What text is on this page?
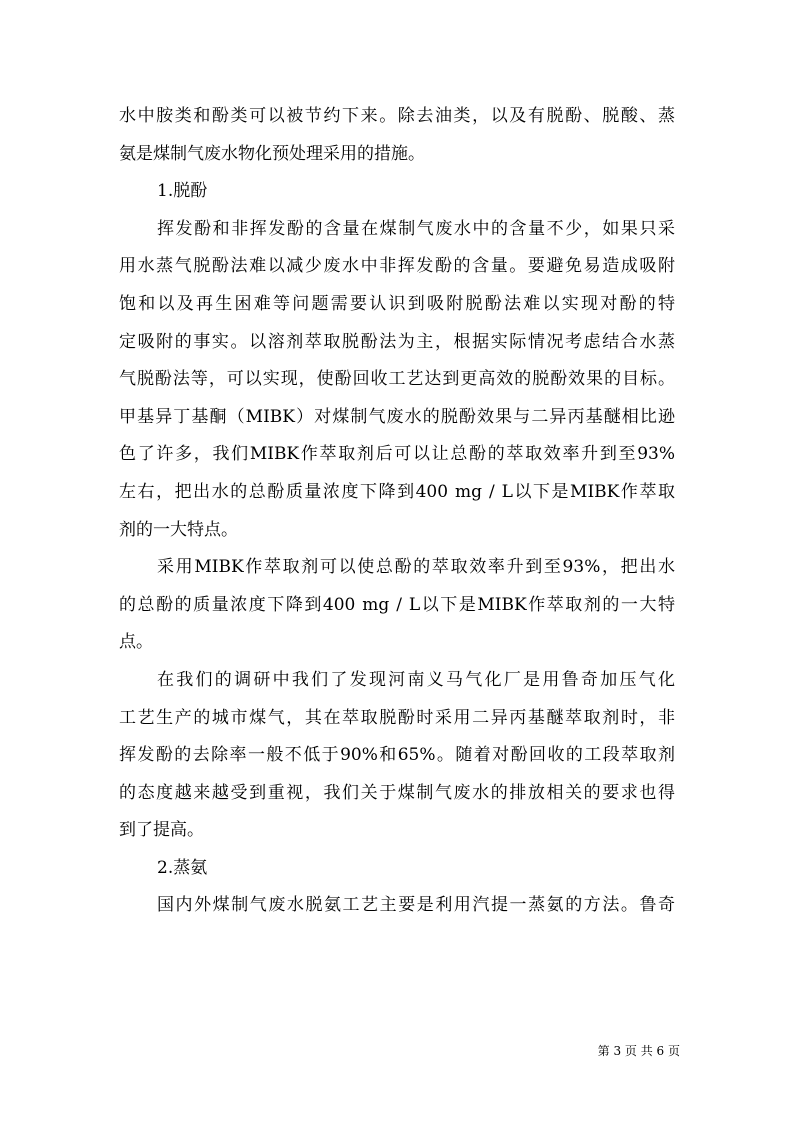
水中胺类和酚类可以被节约下来。除去油类，以及有脱酚、脱酸、蒸
氨是煤制气废水物化预处理采用的措施。
1.脱酚
挥发酚和非挥发酚的含量在煤制气废水中的含量不少，如果只采
用水蒸气脱酚法难以减少废水中非挥发酚的含量。要避免易造成吸附
饱和以及再生困难等问题需要认识到吸附脱酚法难以实现对酚的特
定吸附的事实。以溶剂萃取脱酚法为主，根据实际情况考虑结合水蒸
气脱酚法等，可以实现，使酚回收工艺达到更高效的脱酚效果的目标。
甲基异丁基酮（MIBK）对煤制气废水的脱酚效果与二异丙基醚相比逊
色了许多，我们MIBK作萃取剂后可以让总酚的萃取效率升到至93%
左右，把出水的总酚质量浓度下降到400 mg / L以下是MIBK作萃取
剂的一大特点。
采用MIBK作萃取剂可以使总酚的萃取效率升到至93%，把出水
的总酚的质量浓度下降到400 mg / L以下是MIBK作萃取剂的一大特
点。
在我们的调研中我们了发现河南义马气化厂是用鲁奇加压气化
工艺生产的城市煤气，其在萃取脱酚时采用二异丙基醚萃取剂时，非
挥发酚的去除率一般不低于90%和65%。随着对酚回收的工段萃取剂
的态度越来越受到重视，我们关于煤制气废水的排放相关的要求也得
到了提高。
2.蒸氨
国内外煤制气废水脱氨工艺主要是利用汽提一蒸氨的方法。鲁奇
第 3 页 共 6 页
